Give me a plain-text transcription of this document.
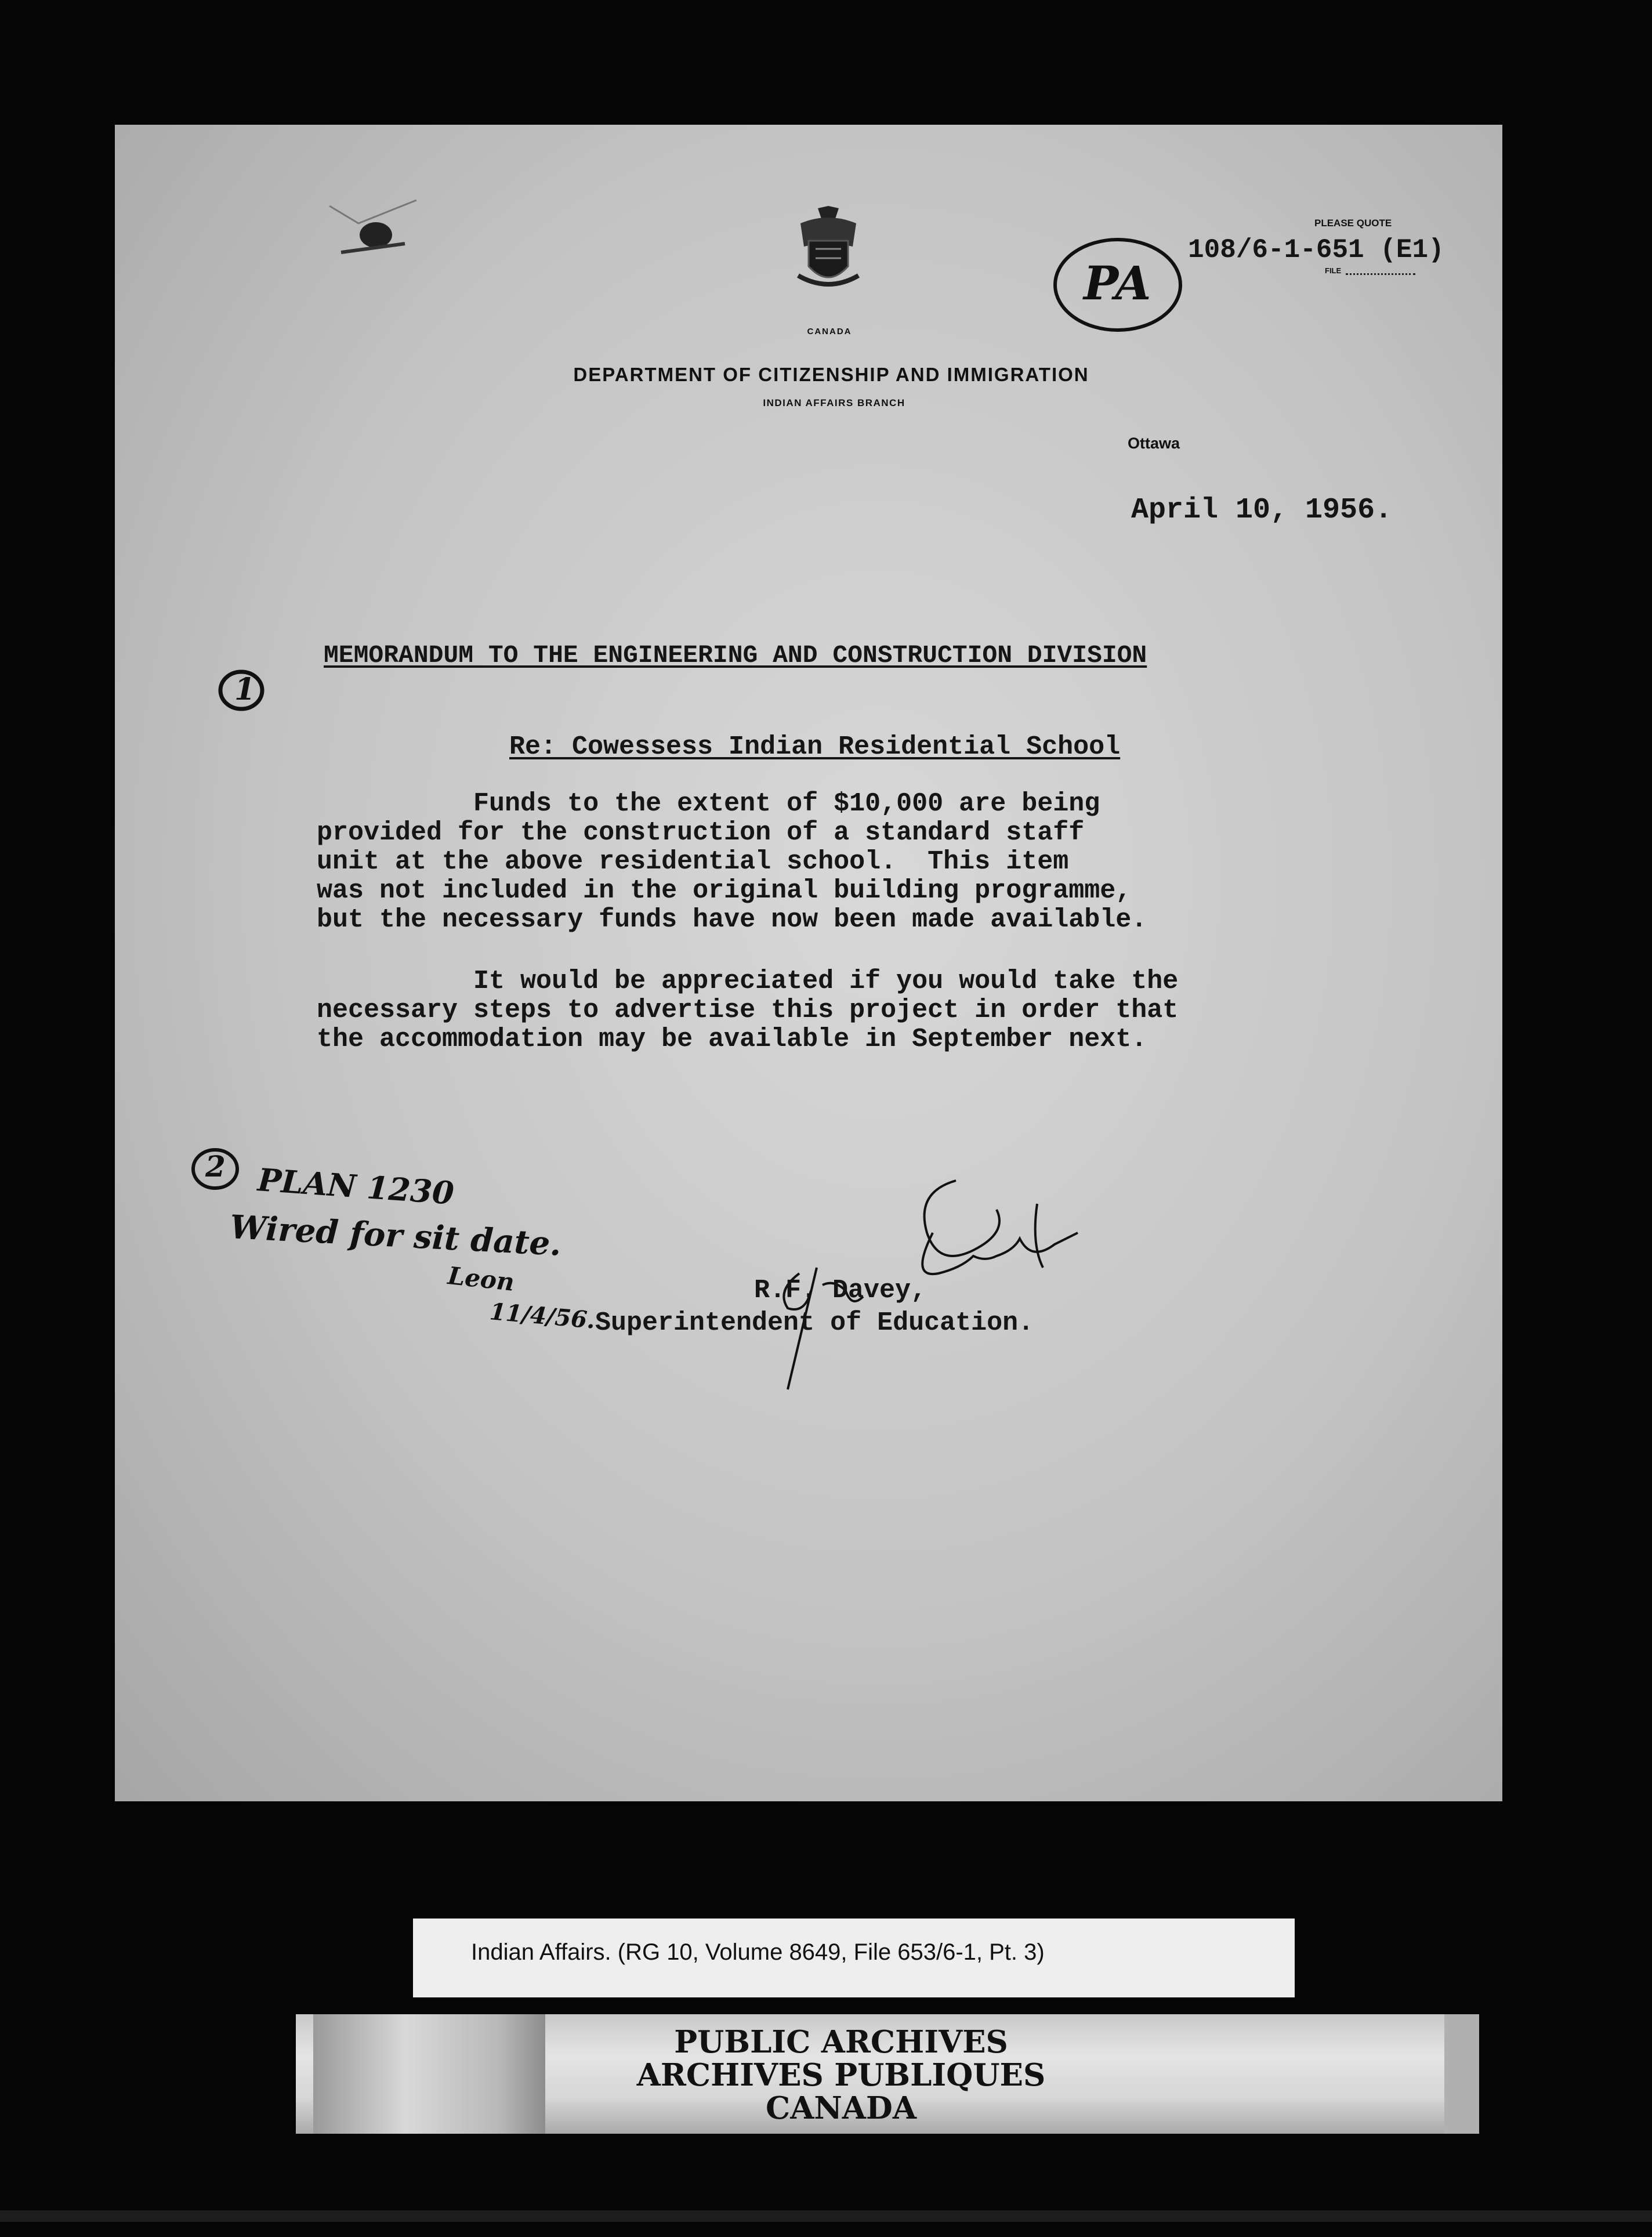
CANADA
DEPARTMENT OF CITIZENSHIP AND IMMIGRATION
INDIAN AFFAIRS BRANCH
PLEASE QUOTE
108/6-1-651 (E1)
FILE
PA
Ottawa
April 10, 1956.
1
MEMORANDUM TO THE ENGINEERING AND CONSTRUCTION DIVISION
Re: Cowessess Indian Residential School
Funds to the extent of $10,000 are being
provided for the construction of a standard staff
unit at the above residential school.  This item
was not included in the original building programme,
but the necessary funds have now been made available.
It would be appreciated if you would take the
necessary steps to advertise this project in order that
the accommodation may be available in September next.
2 PLAN 1230
Wired for sit date.
Leon
11/4/56.
R.F. Davey,
Superintendent of Education.
Indian Affairs. (RG 10, Volume 8649, File 653/6-1, Pt. 3)
PUBLIC ARCHIVES
ARCHIVES PUBLIQUES
CANADA
